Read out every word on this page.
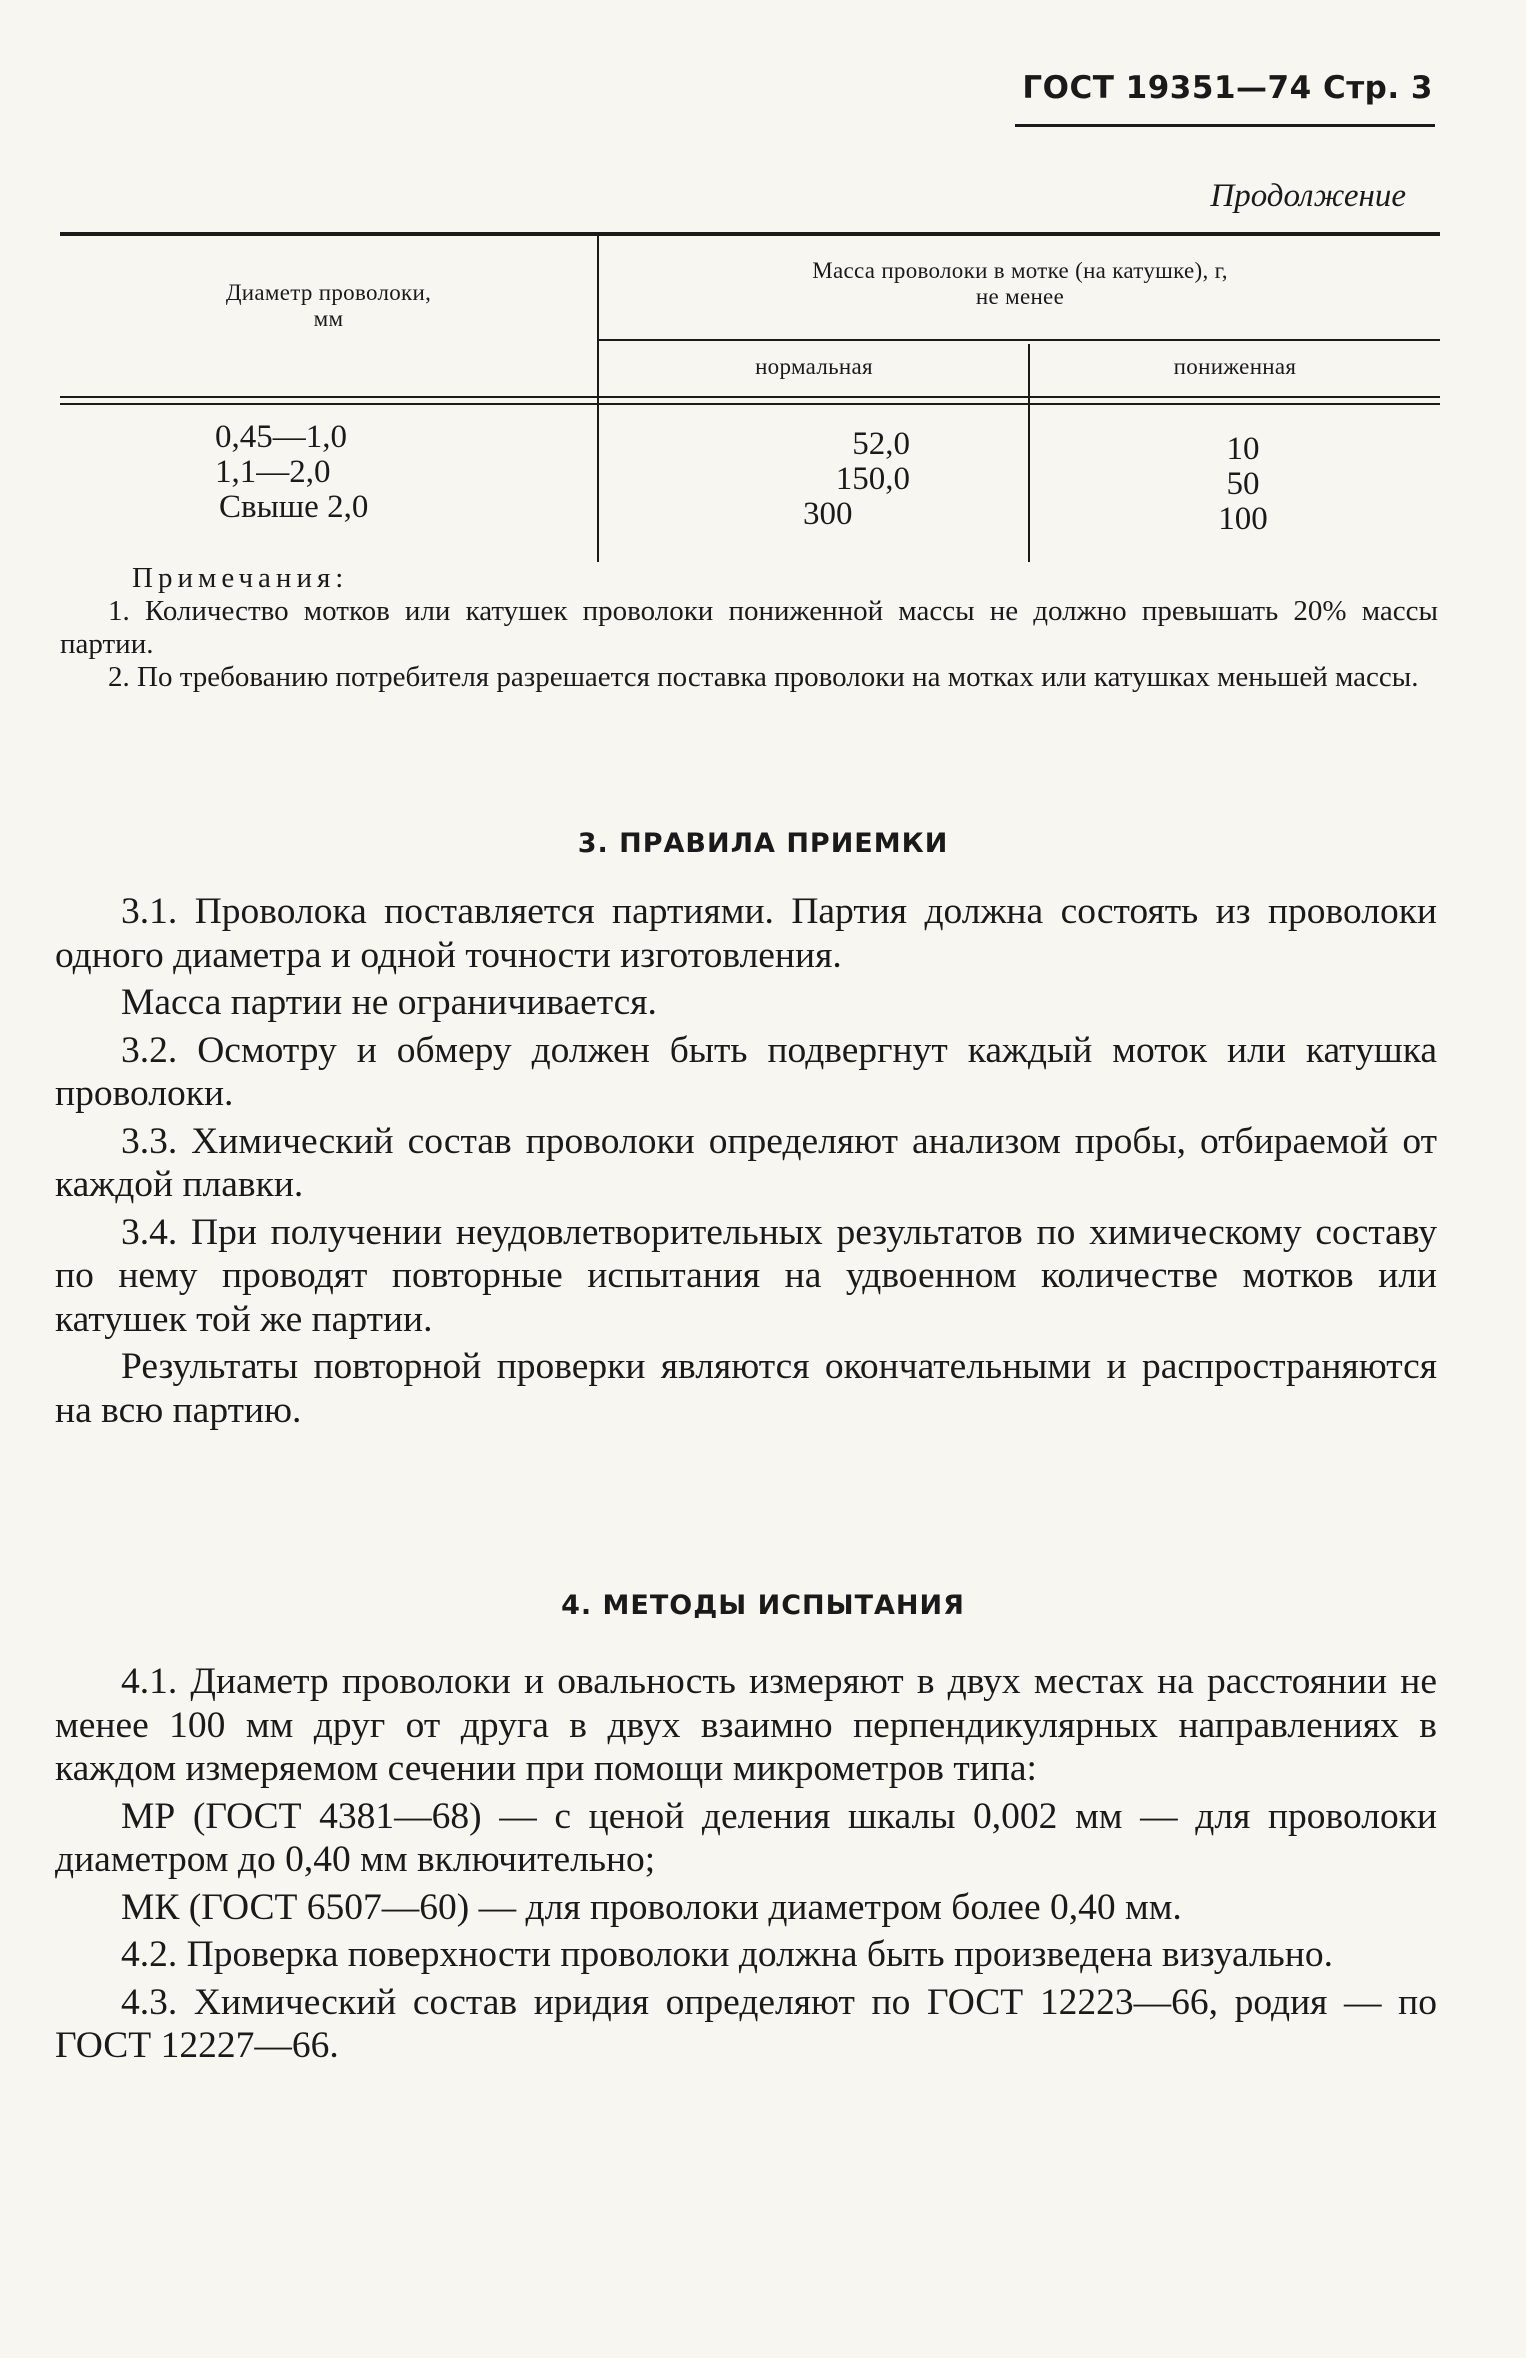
ГОСТ 19351—74 Стр. 3
Продолжение
Диаметр проволоки,
мм
Масса проволоки в мотке (на катушке), г,
не менее
нормальная	пониженная
0,45—1,0
1,1—2,0
Свыше 2,0
52,0
150,0
300
10
50
100

Примечания:

1. Количество мотков или катушек проволоки пониженной массы не должно превышать 20% массы партии.

2. По требованию потребителя разрешается поставка проволоки на мотках или катушках меньшей массы.

3. ПРАВИЛА ПРИЕМКИ

3.1. Проволока поставляется партиями. Партия должна состоять из проволоки одного диаметра и одной точности изготовления.

Масса партии не ограничивается.

3.2. Осмотру и обмеру должен быть подвергнут каждый моток или катушка проволоки.

3.3. Химический состав проволоки определяют анализом пробы, отбираемой от каждой плавки.

3.4. При получении неудовлетворительных результатов по химическому составу по нему проводят повторные испытания на удвоенном количестве мотков или катушек той же партии.

Результаты повторной проверки являются окончательными и распространяются на всю партию.

4. МЕТОДЫ ИСПЫТАНИЯ

4.1. Диаметр проволоки и овальность измеряют в двух местах на расстоянии не менее 100 мм друг от друга в двух взаимно перпендикулярных направлениях в каждом измеряемом сечении при помощи микрометров типа:

МР (ГОСТ 4381—68) — с ценой деления шкалы 0,002 мм — для проволоки диаметром до 0,40 мм включительно;

МК (ГОСТ 6507—60) — для проволоки диаметром более 0,40 мм.

4.2. Проверка поверхности проволоки должна быть произведена визуально.

4.3. Химический состав иридия определяют по ГОСТ 12223—66, родия — по ГОСТ 12227—66.
